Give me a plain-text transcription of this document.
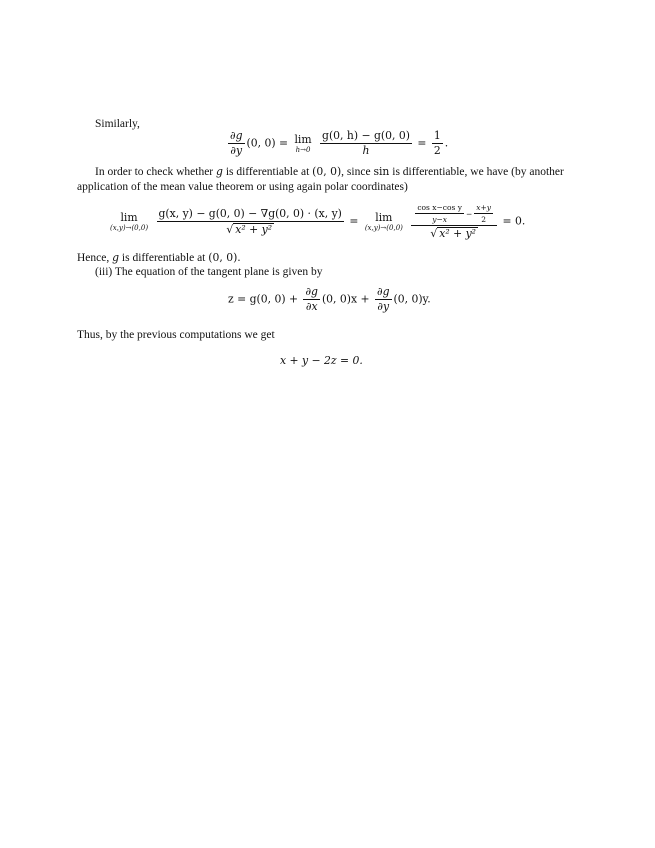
Similarly,
$\frac{\partial g}{\partial y} (0$, 0) = lim
h→0
$\frac{g(0, h) - g(0, 0)}{h} = \frac{1}{2}$ .
In order to check whether g is differentiable at (0, 0), since sin is differentiable, we have (by another
application of the mean value theorem or using again polar coordinates)
lim
(x,y)→(0,0)
$\frac{g(x, y) - g(0, 0) - \nabla g(0, 0) \cdot (x, y)}{\text{√ x² + y²}} = \lim$
(x,y)→(0,0)

$\frac{\text{cos x−cos y}}{y-x} - \frac{x+y}{2}$
√ x² + y²
= 0.
Hence, g is differentiable at (0, 0).
(iii) The equation of the tangent plane is given by
z = g(0, $0) + \frac{\partial g}{\partial x} (0$, $0)x + \frac{\partial g}{\partial y} (0$, 0)y.
Thus, by the previous computations we get
x + y − 2z = 0.
